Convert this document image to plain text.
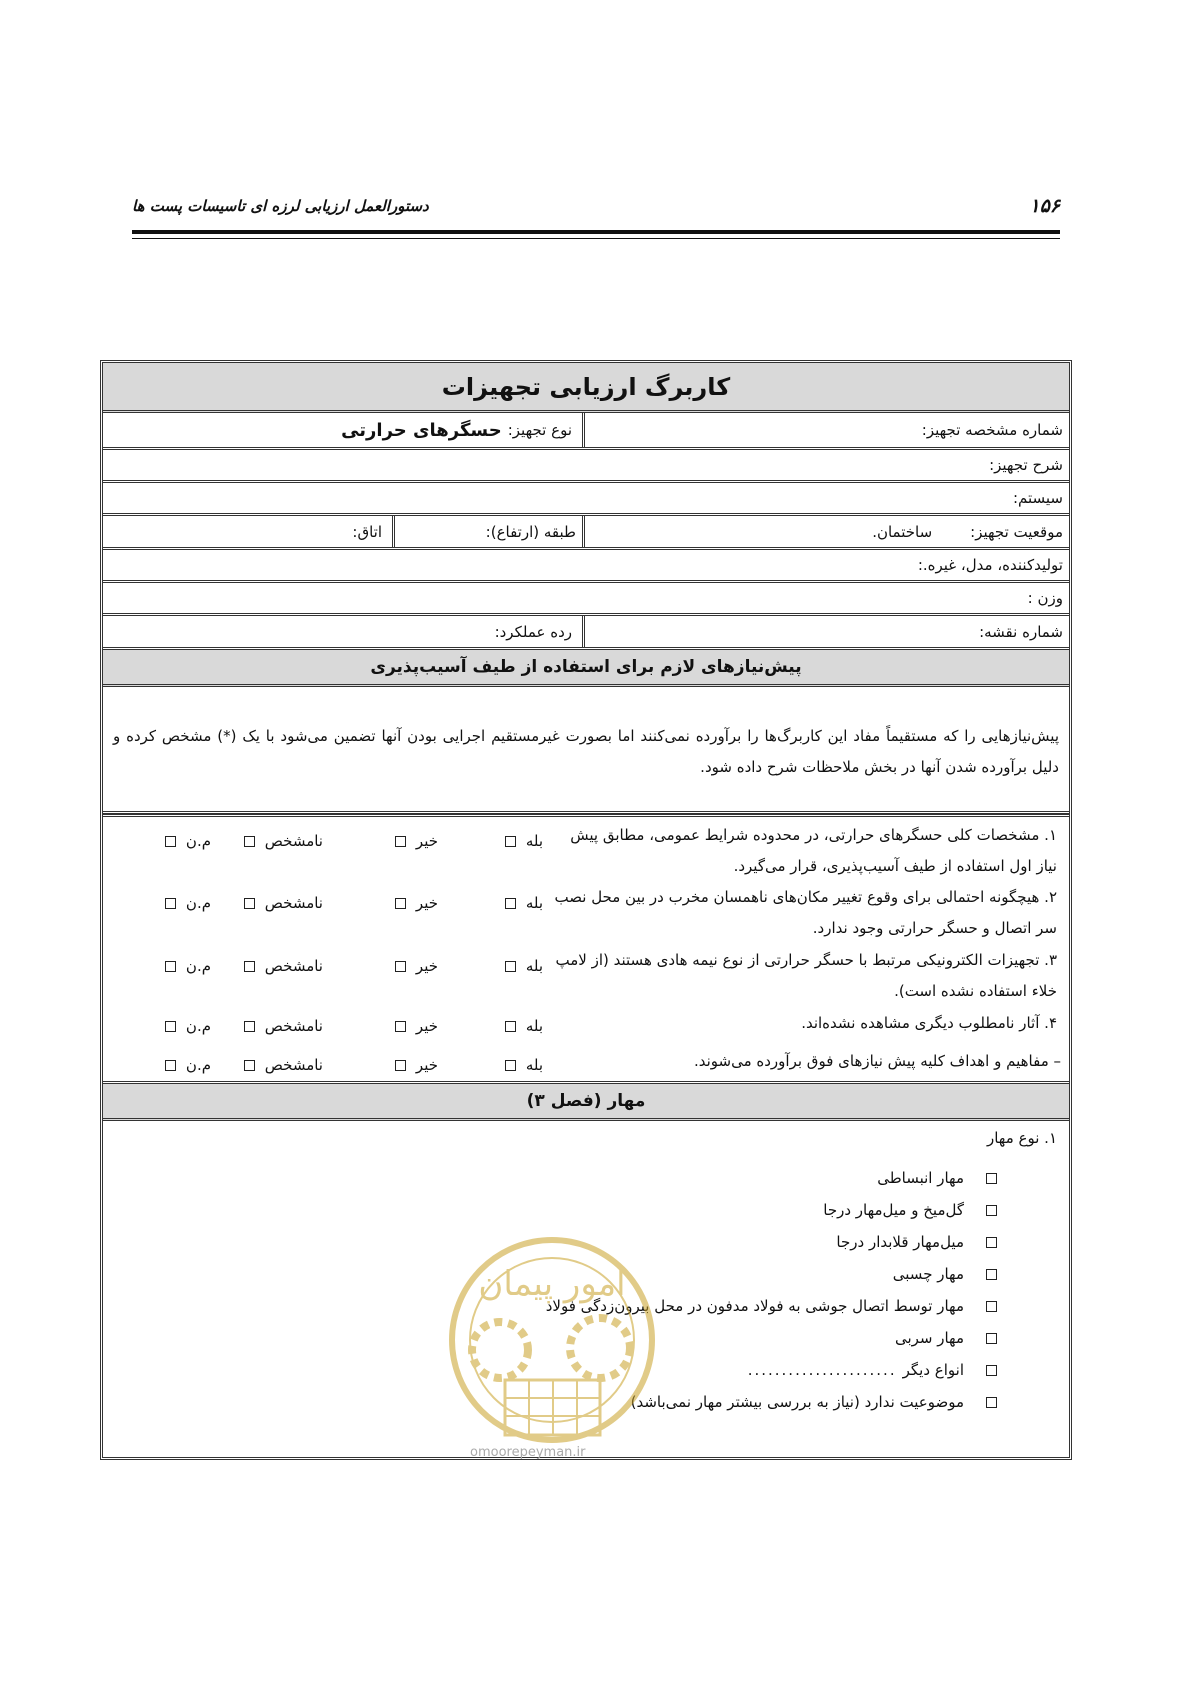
۱۵۶
دستورالعمل ارزیابی لرزه ای تاسیسات پست ها
کاربرگ ارزیابی تجهیزات
شماره مشخصه تجهیز:
نوع تجهیز:
حسگرهای حرارتی
شرح تجهیز:
سیستم:
موقعیت تجهیز:
ساختمان.
طبقه (ارتفاع):
اتاق:
تولیدکننده، مدل، غیره.:
وزن :
شماره نقشه:
رده عملکرد:
پیش‌نیازهای لازم برای استفاده از طیف آسیب‌پذیری
پیش‌نیازهایی را که مستقیماً مفاد این کاربرگ‌ها را برآورده نمی‌کنند اما بصورت غیرمستقیم اجرایی بودن آنها تضمین می‌شود با یک (*) مشخص کرده و دلیل برآورده شدن آنها در بخش ملاحظات شرح داده شود.
۱. مشخصات کلی حسگرهای حرارتی، در محدوده شرایط عمومی، مطابق پیش نیاز اول استفاده از طیف آسیب‌پذیری، قرار می‌گیرد.
بله
خیر
نامشخص
م.ن
۲. هیچگونه احتمالی برای وقوع تغییر مکان‌های ناهمسان مخرب در بین محل نصب سر اتصال و حسگر حرارتی وجود ندارد.
بله
خیر
نامشخص
م.ن
۳. تجهیزات الکترونیکی مرتبط با حسگر حرارتی از نوع نیمه هادی هستند (از لامپ خلاء استفاده نشده است).
بله
خیر
نامشخص
م.ن
۴. آثار نامطلوب دیگری مشاهده نشده‌اند.
بله
خیر
نامشخص
م.ن
– مفاهیم و اهداف کلیه پیش نیازهای فوق برآورده می‌شوند.
بله
خیر
نامشخص
م.ن
مهار (فصل ۳)
۱. نوع مهار
مهار انبساطی
گل‌میخ و میل‌مهار درجا
میل‌مهار قلابدار درجا
مهار چسبی
مهار توسط اتصال جوشی به فولاد مدفون در محل بیرون‌زدگی فولاد
مهار سربی
انواع دیگر
......................
موضوعیت ندارد (نیاز به بررسی بیشتر مهار نمی‌باشد)
امور پیمان
omoorepeyman.ir
